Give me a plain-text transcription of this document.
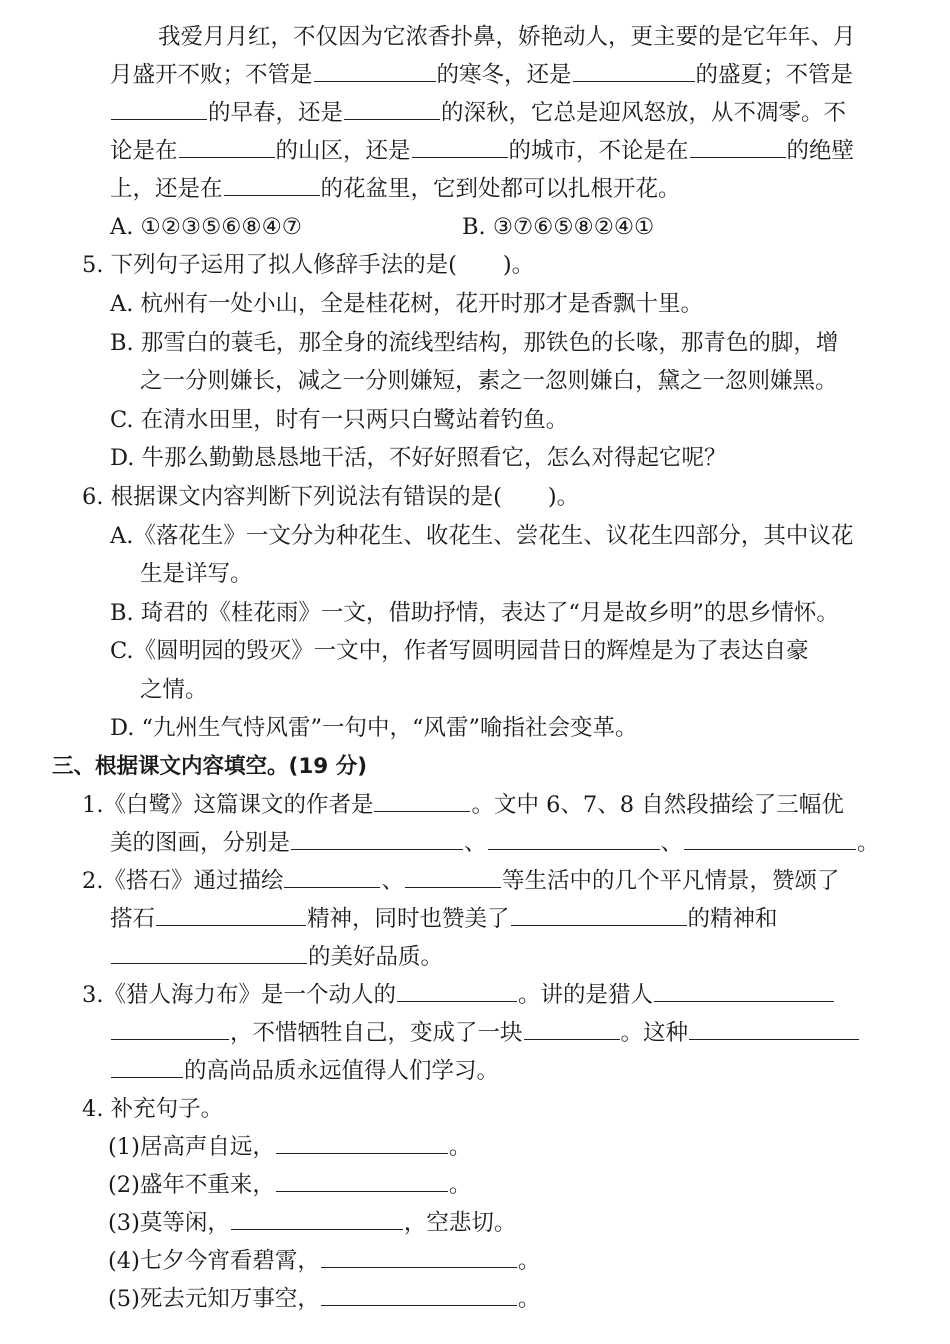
我爱月月红，不仅因为它浓香扑鼻，娇艳动人，更主要的是它年年、月
月盛开不败；不管是	的寒冬，还是	的盛夏；不管是
的早春，还是	的深秋，它总是迎风怒放，从不凋零。不
论是在	的山区，还是	的城市，不论是在	的绝壁
上，还是在	的花盆里，它到处都可以扎根开花。
A. ①②③⑤⑥⑧④⑦	B. ③⑦⑥⑤⑧②④①
5. 下列句子运用了拟人修辞手法的是( )。
A. 杭州有一处小山，全是桂花树，花开时那才是香飘十里。
B. 那雪白的蓑毛，那全身的流线型结构，那铁色的长喙，那青色的脚，增
之一分则嫌长，减之一分则嫌短，素之一忽则嫌白，黛之一忽则嫌黑。
C. 在清水田里，时有一只两只白鹭站着钓鱼。
D. 牛那么勤勤恳恳地干活，不好好照看它，怎么对得起它呢？
6. 根据课文内容判断下列说法有错误的是( )。
A.《落花生》一文分为种花生、收花生、尝花生、议花生四部分，其中议花
生是详写。
B. 琦君的《桂花雨》一文，借助抒情，表达了“月是故乡明”的思乡情怀。
C.《圆明园的毁灭》一文中，作者写圆明园昔日的辉煌是为了表达自豪
之情。
D. “九州生气恃风雷”一句中，“风雷”喻指社会变革。
三、根据课文内容填空。(19 分)
1.《白鹭》这篇课文的作者是	。文中 6、7、8 自然段描绘了三幅优
美的图画，分别是	、	、	。
2.《搭石》通过描绘	、	等生活中的几个平凡情景，赞颂了
搭石	精神，同时也赞美了	的精神和
的美好品质。
3.《猎人海力布》是一个动人的	。讲的是猎人
，不惜牺牲自己，变成了一块	。这种
的高尚品质永远值得人们学习。
4. 补充句子。
(1)居高声自远，	。
(2)盛年不重来，	。
(3)莫等闲，	，空悲切。
(4)七夕今宵看碧霄，	。
(5)死去元知万事空，	。
